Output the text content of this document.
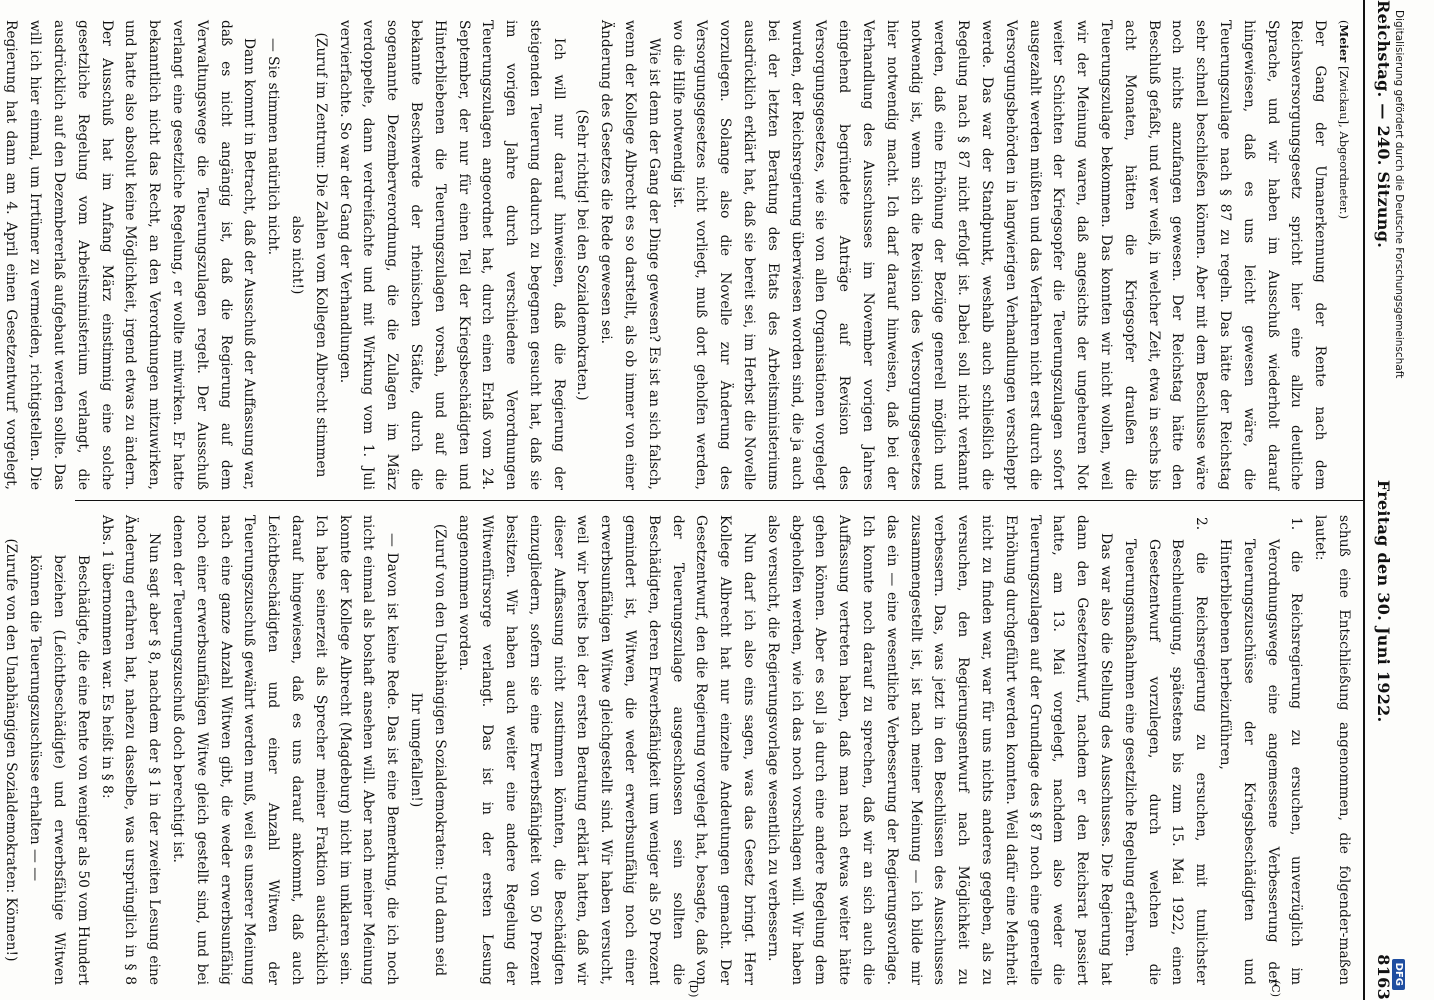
Reichstag. — 240. Sitzung.
Freitag den 30. Juni 1922.
8163
(C)
(D)

(Meier [Zwickau], Abgeordneter.)

Der Gang der Umanerkennung der Rente nach dem Reichsversorgungsgesetz spricht hier eine allzu deutliche Sprache, und wir haben im Ausschuß wiederholt darauf hingewiesen, daß es uns leicht gewesen wäre, die Teuerungszulage nach § 87 zu regeln. Das hätte der Reichstag sehr schnell beschließen können. Aber mit dem Beschlusse wäre noch nichts anzufangen gewesen. Der Reichstag hätte den Beschluß gefaßt, und wer weiß, in welcher Zeit, etwa in sechs bis acht Monaten, hätten die Kriegsopfer draußen die Teuerungszulage bekommen. Das konnten wir nicht wollen, weil wir der Meinung waren, daß angesichts der ungeheuren Not weiter Schichten der Kriegsopfer die Teuerungszulagen sofort ausgezahlt werden müßten und das Verfahren nicht erst durch die Versorgungsbehörden in langwierigen Verhandlungen verschleppt werde. Das war der Standpunkt, weshalb auch schließlich die Regelung nach § 87 nicht erfolgt ist. Dabei soll nicht verkannt werden, daß eine Erhöhung der Bezüge generell möglich und notwendig ist, wenn sich die Revision des Versorgungsgesetzes hier notwendig macht. Ich darf darauf hinweisen, daß bei der Verhandlung des Ausschusses im November vorigen Jahres eingehend begründete Anträge auf Revision des Versorgungsgesetzes, wie sie von allen Organisationen vorgelegt wurden, der Reichsregierung überwiesen worden sind, die ja auch bei der letzten Beratung des Etats des Arbeitsministeriums ausdrücklich erklärt hat, daß sie bereit sei, im Herbst die Novelle vorzulegen. Solange also die Novelle zur Änderung des Versorgungsgesetzes nicht vorliegt, muß dort geholfen werden, wo die Hilfe notwendig ist.

Wie ist denn der Gang der Dinge gewesen? Es ist an sich falsch, wenn der Kollege Albrecht es so darstellt, als ob immer von einer Änderung des Gesetzes die Rede gewesen sei.

(Sehr richtig! bei den Sozialdemokraten.)

Ich will nur darauf hinweisen, daß die Regierung der steigenden Teuerung dadurch zu begegnen gesucht hat, daß sie im vorigen Jahre durch verschiedene Verordnungen Teuerungszulagen angeordnet hat, durch einen Erlaß vom 24. September, der nur für einen Teil der Kriegsbeschädigten und Hinterbliebenen die Teuerungszulagen vorsah, und auf die bekannte Beschwerde der rheinischen Städte, durch die sogenannte Dezemberverordnung, die die Zulagen im März verdoppelte, dann verdreifachte und mit Wirkung vom 1. Juli vervierfachte. So war der Gang der Verhandlungen.

(Zuruf im Zentrum: Die Zahlen vom Kollegen Albrecht stimmen also nicht!)

— Sie stimmen natürlich nicht.

Dann kommt in Betracht, daß der Ausschuß der Auffassung war, daß es nicht angängig ist, daß die Regierung auf dem Verwaltungswege die Teuerungszulagen regelt. Der Ausschuß verlangt eine gesetzliche Regelung, er wollte mitwirken. Er hatte bekanntlich nicht das Recht, an den Verordnungen mitzuwirken, und hatte also absolut keine Möglichkeit, irgend etwas zu ändern. Der Ausschuß hat im Anfang März einstimmig eine solche gesetzliche Regelung vom Arbeitsministerium verlangt, die ausdrücklich auf den Dezembererlaß aufgebaut werden sollte. Das will ich hier einmal, um Irrtümer zu vermeiden, richtigstellen. Die Regierung hat dann am 4. April einen Gesetzentwurf vorgelegt,

schuß eine Entschließung angenommen, die folgender-maßen lautet:

1. die Reichsregierung zu ersuchen, unverzüglich im Verordnungswege eine angemessene Verbesserung der Teuerungszuschüsse der Kriegsbeschädigten und Hinterbliebenen herbeizuführen,

2. die Reichsregierung zu ersuchen, mit tunlichster Beschleunigung, spätestens bis zum 15. Mai 1922, einen Gesetzentwurf vorzulegen, durch welchen die Teuerungsmaßnahmen eine gesetzliche Regelung erfahren.

Das war also die Stellung des Ausschusses. Die Regierung hat dann den Gesetzentwurf, nachdem er den Reichsrat passiert hatte, am 13. Mai vorgelegt, nachdem also weder die Teuerungszulagen auf der Grundlage des § 87 noch eine generelle Erhöhung durchgeführt werden konnten. Weil dafür eine Mehrheit nicht zu finden war, war für uns nichts anderes gegeben, als zu versuchen, den Regierungsentwurf nach Möglichkeit zu verbessern. Das, was jetzt in den Beschlüssen des Ausschusses zusammengestellt ist, ist nach meiner Meinung — ich bilde mir das ein — eine wesentliche Verbesserung der Regierungsvorlage. Ich konnte noch darauf zu sprechen, daß wir an sich auch die Auffassung vertreten haben, daß man nach etwas weiter hätte gehen können. Aber es soll ja durch eine andere Regelung dem abgeholfen werden, wie ich das noch vorschlagen will. Wir haben also versucht, die Regierungsvorlage wesentlich zu verbessern.

Nun darf ich also eins sagen, was das Gesetz bringt. Herr Kollege Albrecht hat nur einzelne Andeutungen gemacht. Der Gesetzentwurf, den die Regierung vorgelegt hat, besagte, daß von der Teuerungszulage ausgeschlossen sein sollten die Beschädigten, deren Erwerbsfähigkeit um weniger als 50 Prozent gemindert ist, Witwen, die weder erwerbsunfähig noch einer erwerbsunfähigen Witwe gleichgestellt sind. Wir haben versucht, weil wir bereits bei der ersten Beratung erklärt hatten, daß wir dieser Auffassung nicht zustimmen könnten, die Beschädigten einzugliedern, sofern sie eine Erwerbsfähigkeit von 50 Prozent besitzen. Wir haben auch weiter eine andere Regelung der Witwenfürsorge verlangt. Das ist in der ersten Lesung angenommen worden.

(Zuruf von den Unabhängigen Sozialdemokraten: Und dann seid Ihr umgefallen!)

— Davon ist keine Rede. Das ist eine Bemerkung, die ich noch nicht einmal als boshaft ansehen will. Aber nach meiner Meinung konnte der Kollege Albrecht (Magdeburg) nicht im unklaren sein. Ich habe seinerzeit als Sprecher meiner Fraktion ausdrücklich darauf hingewiesen, daß es uns darauf ankommt, daß auch Leichtbeschädigten und einer Anzahl Witwen der Teuerungszuschuß gewährt werden muß, weil es unserer Meinung nach eine ganze Anzahl Witwen gibt, die weder erwerbsunfähig noch einer erwerbsunfähigen Witwe gleich gestellt sind, und bei denen der Teuerungszuschuß doch berechtigt ist.

Nun sagt aber § 8, nachdem der § 1 in der zweiten Lesung eine Änderung erfahren hat, nahezu dasselbe, was ursprünglich in § 8 Abs. 1 übernommen war. Es heißt in § 8:

Beschädigte, die eine Rente von weniger als 50 vom Hundert beziehen (Leichtbeschädigte) und erwerbsfähige Witwen können die Teuerungszuschüsse erhalten — —

(Zurufe von den Unabhängigen Sozialdemokraten: Können!)

Digitalisierung gefördert durch die Deutsche Forschungsgemeinschaft
DFG
